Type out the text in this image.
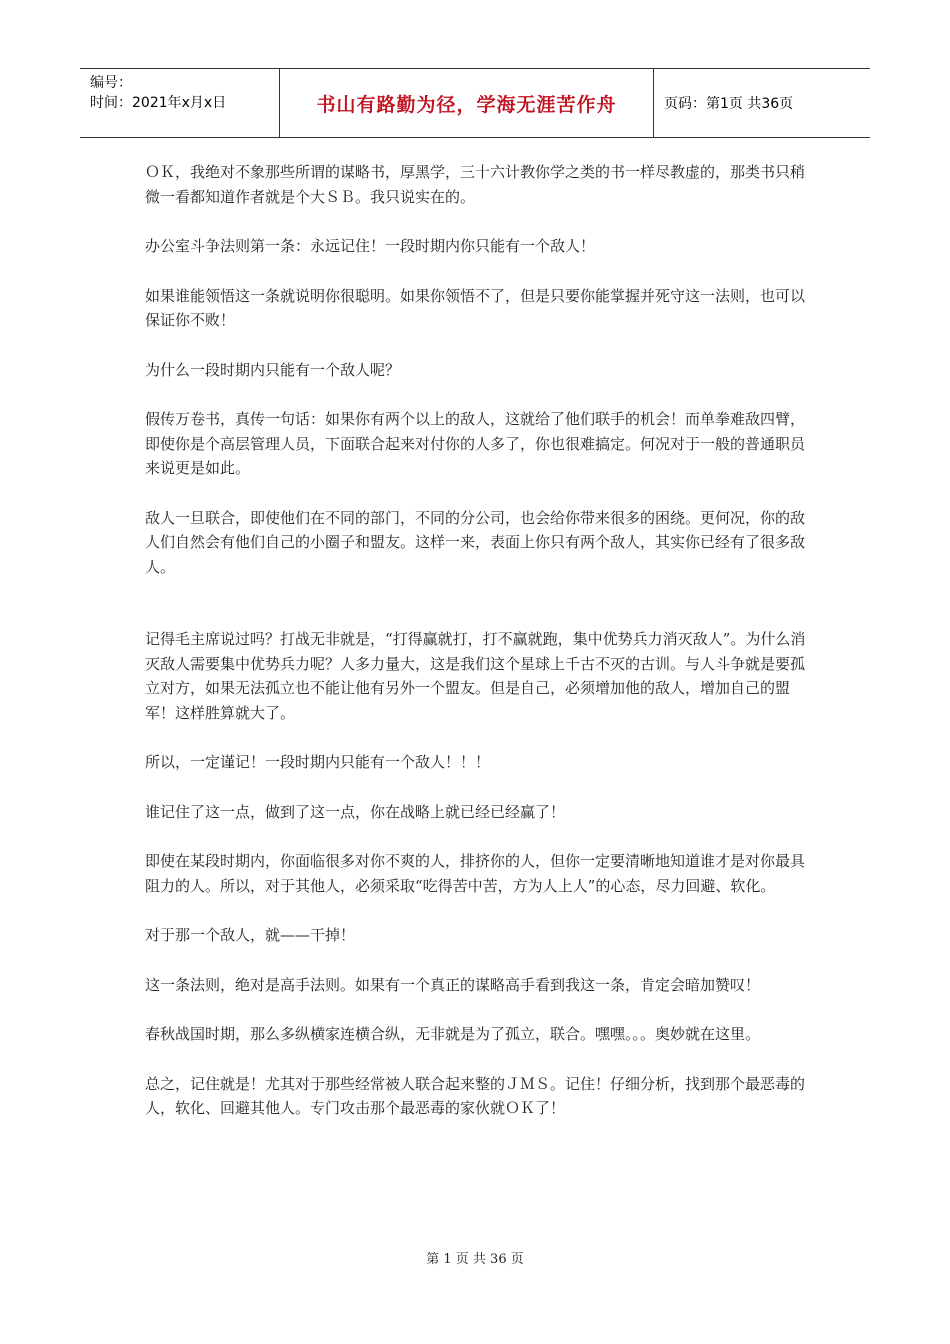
编号：
时间：2021年x月x日	书山有路勤为径，学海无涯苦作舟	页码：第1页 共36页

ＯＫ，我绝对不象那些所谓的谋略书，厚黑学，三十六计教你学之类的书一样尽教虚的，那类书只稍微一看都知道作者就是个大ＳＢ。我只说实在的。

办公室斗争法则第一条：永远记住！一段时期内你只能有一个敌人！

如果谁能领悟这一条就说明你很聪明。如果你领悟不了，但是只要你能掌握并死守这一法则，也可以保证你不败！

为什么一段时期内只能有一个敌人呢？

假传万卷书，真传一句话：如果你有两个以上的敌人，这就给了他们联手的机会！而单拳难敌四臂，即使你是个高层管理人员，下面联合起来对付你的人多了，你也很难搞定。何况对于一般的普通职员来说更是如此。

敌人一旦联合，即使他们在不同的部门，不同的分公司，也会给你带来很多的困绕。更何况，你的敌人们自然会有他们自己的小圈子和盟友。这样一来，表面上你只有两个敌人，其实你已经有了很多敌人。

记得毛主席说过吗？打战无非就是，“打得赢就打，打不赢就跑，集中优势兵力消灭敌人”。为什么消灭敌人需要集中优势兵力呢？人多力量大，这是我们这个星球上千古不灭的古训。与人斗争就是要孤立对方，如果无法孤立也不能让他有另外一个盟友。但是自己，必须增加他的敌人，增加自己的盟军！这样胜算就大了。

所以，一定谨记！一段时期内只能有一个敌人！！！

谁记住了这一点，做到了这一点，你在战略上就已经已经赢了！

即使在某段时期内，你面临很多对你不爽的人，排挤你的人，但你一定要清晰地知道谁才是对你最具阻力的人。所以，对于其他人，必须采取“吃得苦中苦，方为人上人”的心态，尽力回避、软化。

对于那一个敌人，就——干掉！

这一条法则，绝对是高手法则。如果有一个真正的谋略高手看到我这一条，肯定会暗加赞叹！

春秋战国时期，那么多纵横家连横合纵，无非就是为了孤立，联合。嘿嘿。。。奥妙就在这里。

总之，记住就是！尤其对于那些经常被人联合起来整的ＪＭＳ。记住！仔细分析，找到那个最恶毒的人，软化、回避其他人。专门攻击那个最恶毒的家伙就ＯＫ了！

第 1 页 共 36 页
